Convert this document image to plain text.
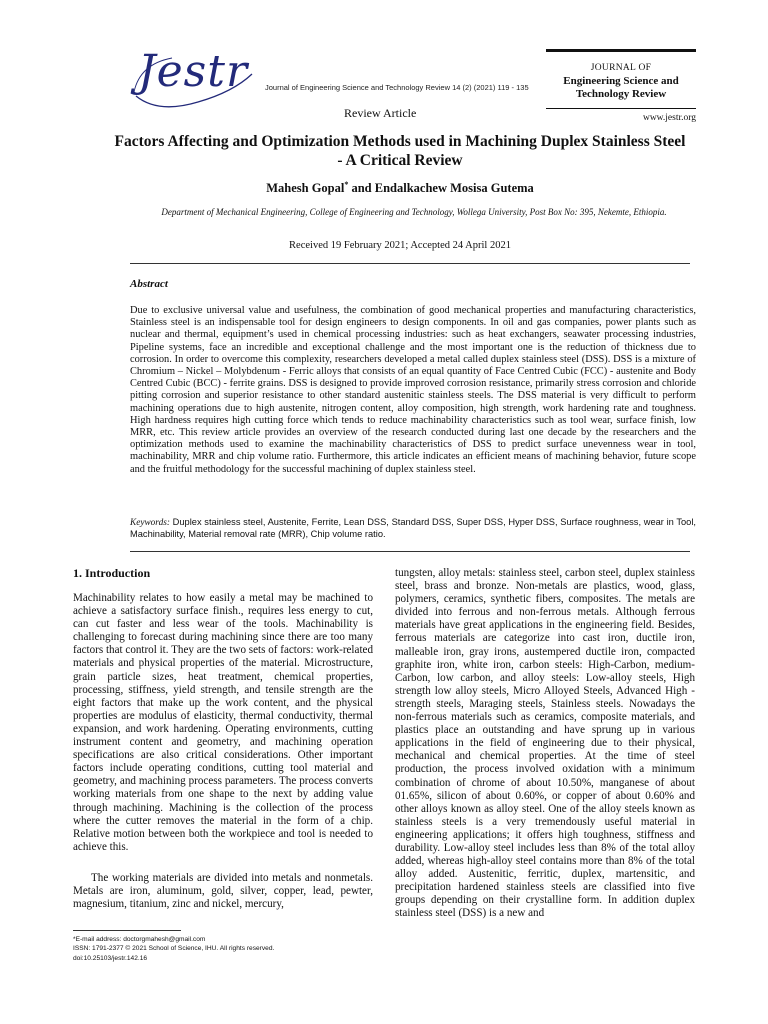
Jestr Journal of Engineering Science and Technology Review 14 (2) (2021) 119 - 135
JOURNAL OF
Engineering Science and
Technology Review
www.jestr.org
Review Article
Factors Affecting and Optimization Methods used in Machining Duplex Stainless Steel
- A Critical Review
Mahesh Gopal* and Endalkachew Mosisa Gutema
Department of Mechanical Engineering, College of Engineering and Technology, Wollega University, Post Box No: 395, Nekemte, Ethiopia.
Received 19 February 2021; Accepted 24 April 2021
Abstract

Due to exclusive universal value and usefulness, the combination of good mechanical properties and manufacturing characteristics, Stainless steel is an indispensable tool for design engineers to design components. In oil and gas companies, power plants such as nuclear and thermal, equipment’s used in chemical processing industries: such as heat exchangers, seawater processing industries, Pipeline systems, face an incredible and exceptional challenge and the most important one is the reduction of thickness due to corrosion. In order to overcome this complexity, researchers developed a metal called duplex stainless steel (DSS). DSS is a mixture of Chromium – Nickel – Molybdenum - Ferric alloys that consists of an equal quantity of Face Centred Cubic (FCC) - austenite and Body Centred Cubic (BCC) - ferrite grains. DSS is designed to provide improved corrosion resistance, primarily stress corrosion and chloride pitting corrosion and superior resistance to other standard austenitic stainless steels. The DSS material is very difficult to perform machining operations due to high austenite, nitrogen content, alloy composition, high strength, work hardening rate and toughness. High hardness requires high cutting force which tends to reduce machinability characteristics such as tool wear, surface finish, low MRR, etc. This review article provides an overview of the research conducted during last one decade by the researchers and the optimization methods used to examine the machinability characteristics of DSS to predict surface unevenness wear in tool, machinability, MRR and chip volume ratio. Furthermore, this article indicates an efficient means of machining behavior, future scope and the fruitful methodology for the successful machining of duplex stainless steel.

Keywords: Duplex stainless steel, Austenite, Ferrite, Lean DSS, Standard DSS, Super DSS, Hyper DSS, Surface roughness, wear in Tool, Machinability, Material removal rate (MRR), Chip volume ratio.

1. Introduction

Machinability relates to how easily a metal may be machined to achieve a satisfactory surface finish., requires less energy to cut, can cut faster and less wear of the tools. Machinability is challenging to forecast during machining since there are too many factors that control it. They are the two sets of factors: work-related materials and physical properties of the material. Microstructure, grain particle sizes, heat treatment, chemical properties, processing, stiffness, yield strength, and tensile strength are the eight factors that make up the work content, and the physical properties are modulus of elasticity, thermal conductivity, thermal expansion, and work hardening. Operating environments, cutting instrument content and geometry, and machining operation specifications are also critical considerations. Other important factors include operating conditions, cutting tool material and geometry, and machining process parameters. The process converts working materials from one shape to the next by adding value through machining. Machining is the collection of the process where the cutter removes the material in the form of a chip. Relative motion between both the workpiece and tool is needed to achieve this.

The working materials are divided into metals and nonmetals. Metals are iron, aluminum, gold, silver, copper, lead, pewter, magnesium, titanium, zinc and nickel, mercury,

tungsten, alloy metals: stainless steel, carbon steel, duplex stainless steel, brass and bronze. Non-metals are plastics, wood, glass, polymers, ceramics, synthetic fibers, composites. The metals are divided into ferrous and non-ferrous metals. Although ferrous materials have great applications in the engineering field. Besides, ferrous materials are categorize into cast iron, ductile iron, malleable iron, gray irons, austempered ductile iron, compacted graphite iron, white iron, carbon steels: High-Carbon, medium-Carbon, low carbon, and alloy steels: Low-alloy steels, High strength low alloy steels, Micro Alloyed Steels, Advanced High - strength steels, Maraging steels, Stainless steels. Nowadays the non-ferrous materials such as ceramics, composite materials, and plastics place an outstanding and have sprung up in various applications in the field of engineering due to their physical, mechanical and chemical properties. At the time of steel production, the process involved oxidation with a minimum combination of chrome of about 10.50%, manganese of about 01.65%, silicon of about 0.60%, or copper of about 0.60% and other alloys known as alloy steel. One of the alloy steels known as stainless steels is a very tremendously useful material in engineering applications; it offers high toughness, stiffness and durability. Low-alloy steel includes less than 8% of the total alloy added, whereas high-alloy steel contains more than 8% of the total alloy added. Austenitic, ferritic, duplex, martensitic, and precipitation hardened stainless steels are classified into five groups depending on their crystalline form. In addition duplex stainless steel (DSS) is a new and

*E-mail address: doctorgmahesh@gmail.com
ISSN: 1791-2377 © 2021 School of Science, IHU. All rights reserved.
doi:10.25103/jestr.142.16
